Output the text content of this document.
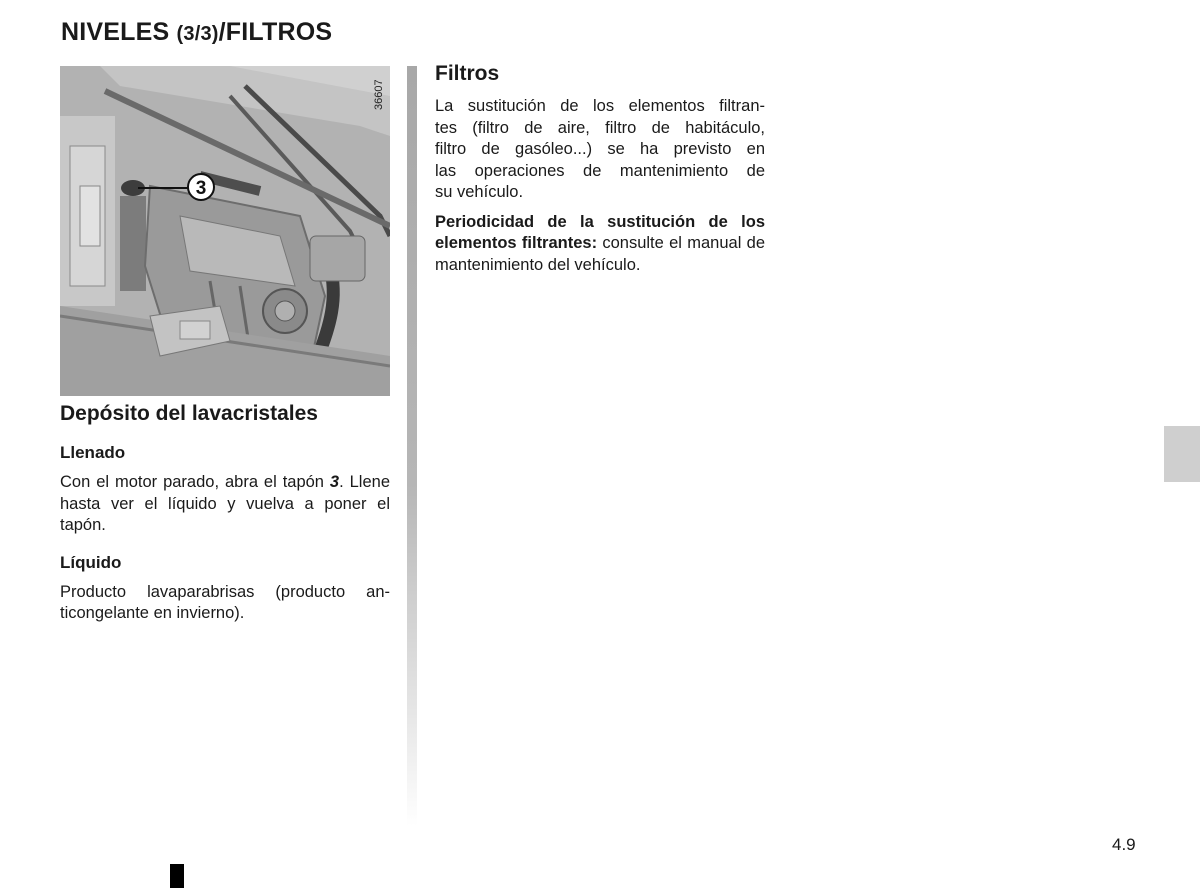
NIVELES (3/3)/FILTROS
36607
3
Depósito del lavacristales
Llenado

Con el motor parado, abra el tapón 3. Llene hasta ver el líquido y vuelva a poner el tapón.

Líquido

Producto lavaparabrisas (producto an-
ticongelante en invierno).

Filtros

La sustitución de los elementos filtran-
tes (filtro de aire, filtro de habitáculo,
filtro de gasóleo...) se ha previsto en
las operaciones de mantenimiento de
su vehículo.

Periodicidad de la sustitución de los elementos filtrantes: consulte el manual de mantenimiento del vehículo.

4.9
